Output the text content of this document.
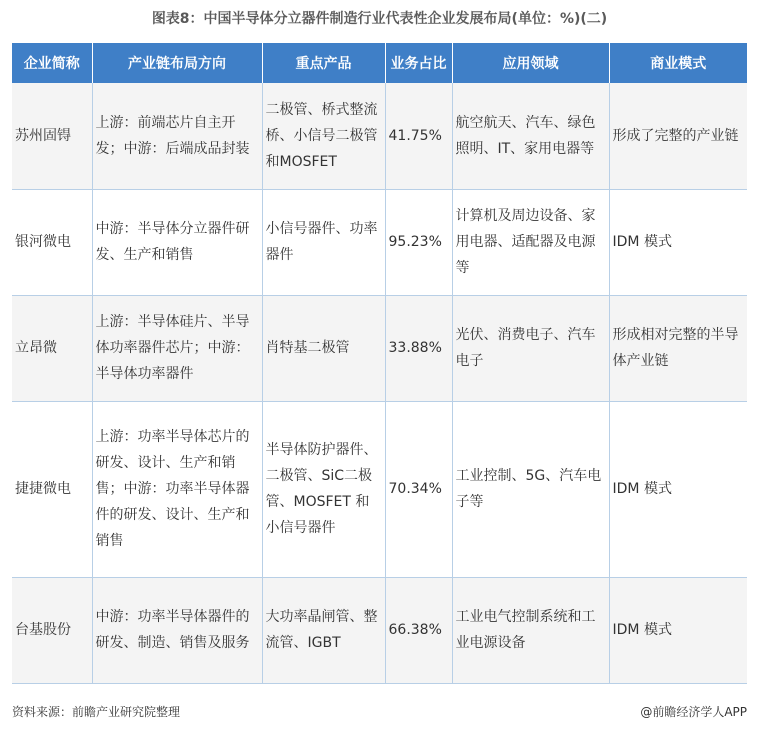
图表8：中国半导体分立器件制造行业代表性企业发展布局(单位：%)(二)
企业简称	产业链布局方向	重点产品	业务占比	应用领域	商业模式
苏州固锝	上游：前端芯片自主开发；中游：后端成品封装	二极管、桥式整流桥、小信号二极管和MOSFET	41.75%	航空航天、汽车、绿色照明、IT、家用电器等	形成了完整的产业链
银河微电	中游：半导体分立器件研发、生产和销售	小信号器件、功率器件	95.23%	计算机及周边设备、家用电器、适配器及电源等	IDM 模式
立昂微	上游：半导体硅片、半导体功率器件芯片；中游：半导体功率器件	肖特基二极管	33.88%	光伏、消费电子、汽车电子	形成相对完整的半导体产业链
捷捷微电	上游：功率半导体芯片的研发、设计、生产和销售；中游：功率半导体器件的研发、设计、生产和销售	半导体防护器件、二极管、SiC二极管、MOSFET 和小信号器件	70.34%	工业控制、5G、汽车电子等	IDM 模式
台基股份	中游：功率半导体器件的研发、制造、销售及服务	大功率晶闸管、整流管、IGBT	66.38%	工业电气控制系统和工业电源设备	IDM 模式
资料来源：前瞻产业研究院整理	@前瞻经济学人APP
